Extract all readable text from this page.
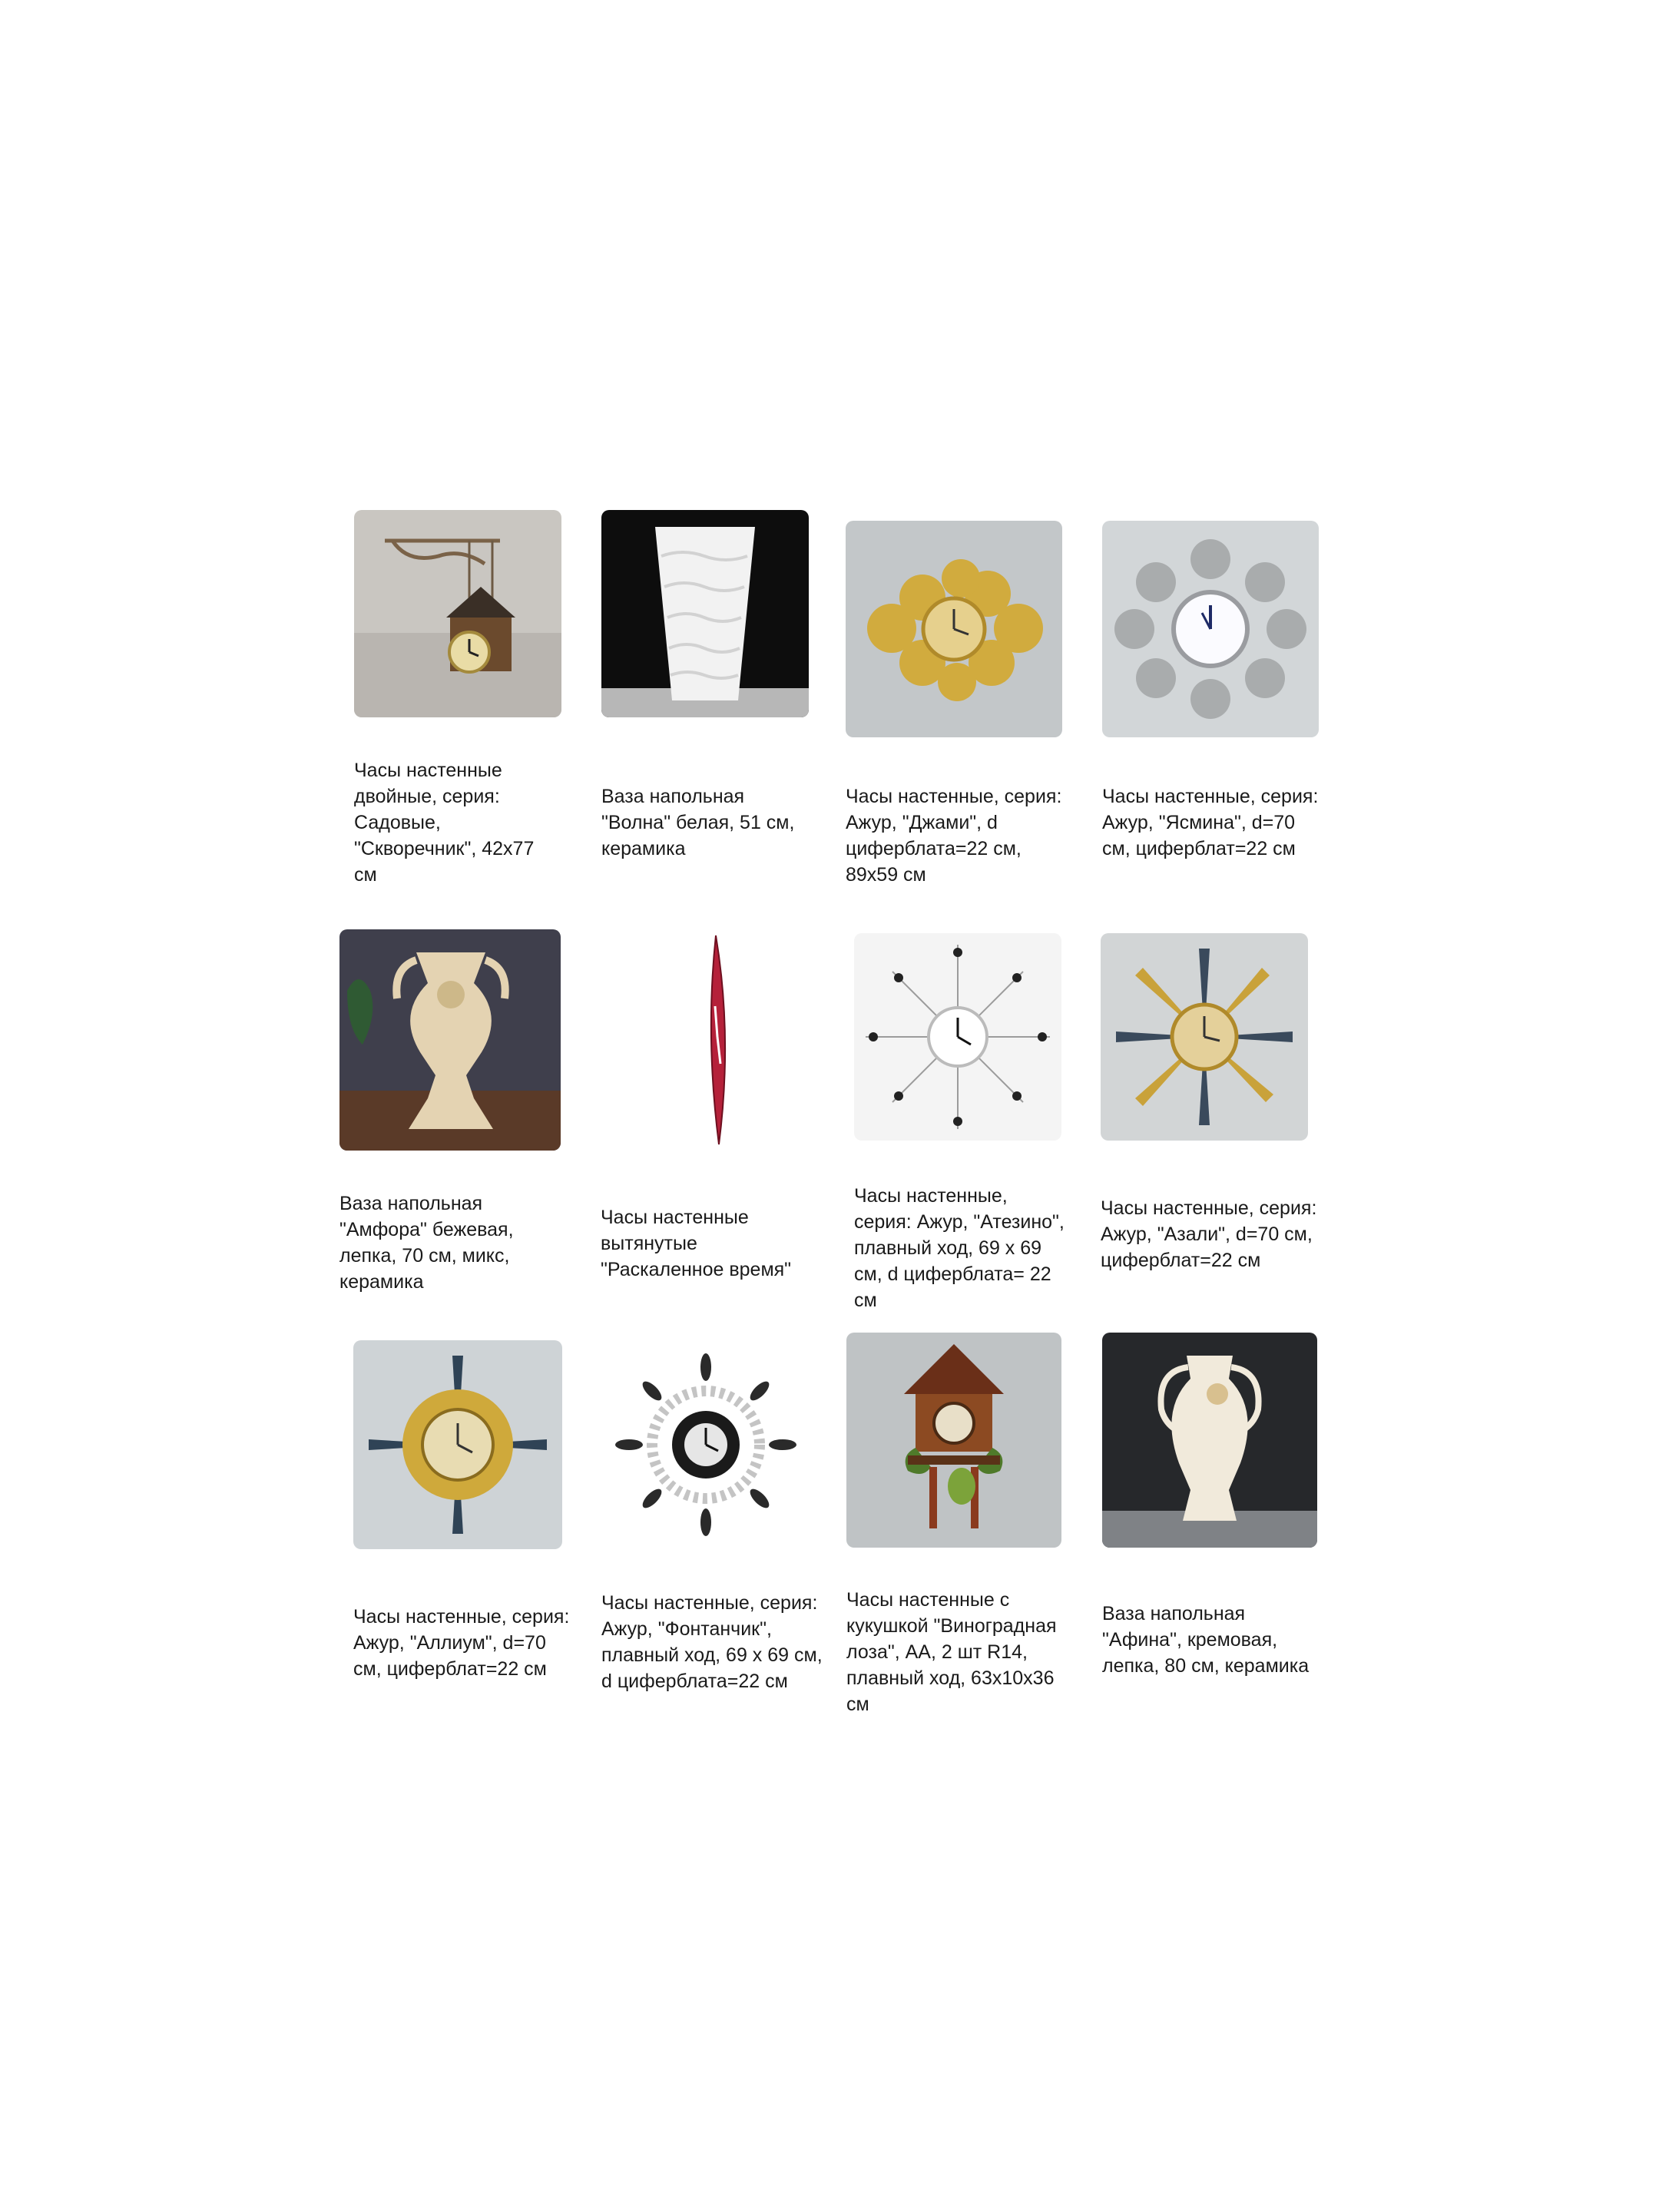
Часы настенные двойные, серия: Садовые, "Скворечник", 42х77 см

Ваза напольная "Волна" белая, 51 см, керамика

Часы настенные, серия: Ажур, "Джами", d циферблата=22 см, 89х59 см

Часы настенные, серия: Ажур, "Ясмина", d=70 см, циферблат=22 см

Ваза напольная "Амфора" бежевая, лепка, 70 см, микс, керамика

Часы настенные вытянутые "Раскаленное время"

Часы настенные, серия: Ажур, "Атезино", плавный ход, 69 х 69 см, d циферблата= 22 см

Часы настенные, серия: Ажур, "Азали", d=70 см, циферблат=22 см

Часы настенные, серия: Ажур, "Аллиум", d=70 см, циферблат=22 см

Часы настенные, серия: Ажур, "Фонтанчик", плавный ход, 69 х 69 см, d циферблата=22 см

Часы настенные с кукушкой "Виноградная лоза", АА, 2 шт R14, плавный ход, 63х10х36 см

Ваза напольная "Афина", кремовая, лепка, 80 см, керамика
